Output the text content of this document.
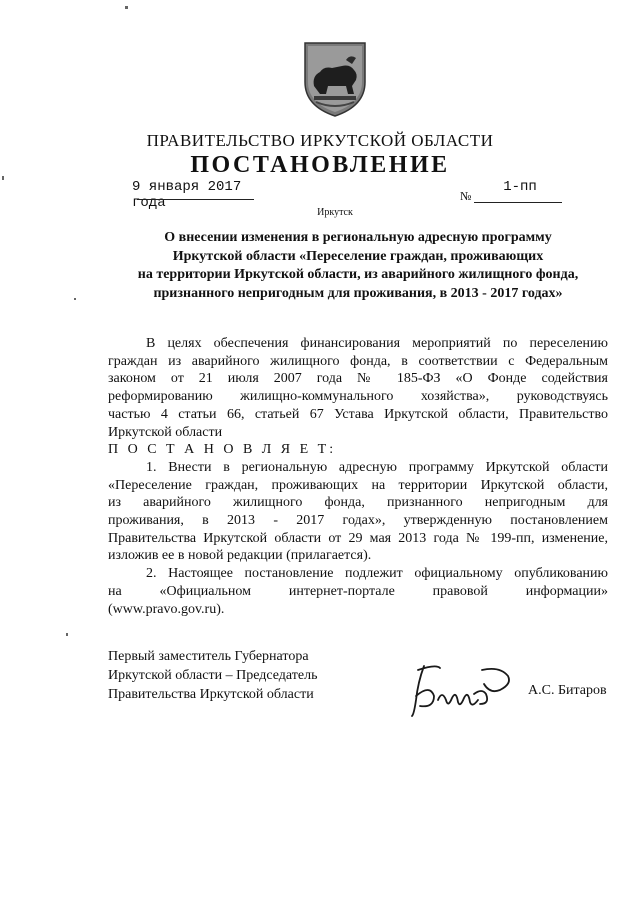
ПРАВИТЕЛЬСТВО ИРКУТСКОЙ ОБЛАСТИ
ПОСТАНОВЛЕНИЕ
9 января 2017 года	№
1-пп
Иркутск
О внесении изменения в региональную адресную программу
Иркутской области «Переселение граждан, проживающих
на территории Иркутской области, из аварийного жилищного фонда,
признанного непригодным для проживания, в 2013 - 2017 годах»
В целях обеспечения финансирования мероприятий по переселению
граждан из аварийного жилищного фонда, в соответствии с Федеральным
законом от 21 июля 2007 года № 185-ФЗ «О Фонде содействия
реформированию жилищно-коммунального хозяйства», руководствуясь
частью 4 статьи 66, статьей 67 Устава Иркутской области, Правительство
Иркутской области
П О С Т А Н О В Л Я Е Т:
1. Внести в региональную адресную программу Иркутской области
«Переселение граждан, проживающих на территории Иркутской области,
из аварийного жилищного фонда, признанного непригодным для
проживания, в 2013 - 2017 годах», утвержденную постановлением
Правительства Иркутской области от 29 мая 2013 года № 199-пп, изменение,
изложив ее в новой редакции (прилагается).
2. Настоящее постановление подлежит официальному опубликованию
на «Официальном интернет-портале правовой информации»
(www.pravo.gov.ru).
Первый заместитель Губернатора
Иркутской области – Председатель
Правительства Иркутской области	А.С. Битаров
